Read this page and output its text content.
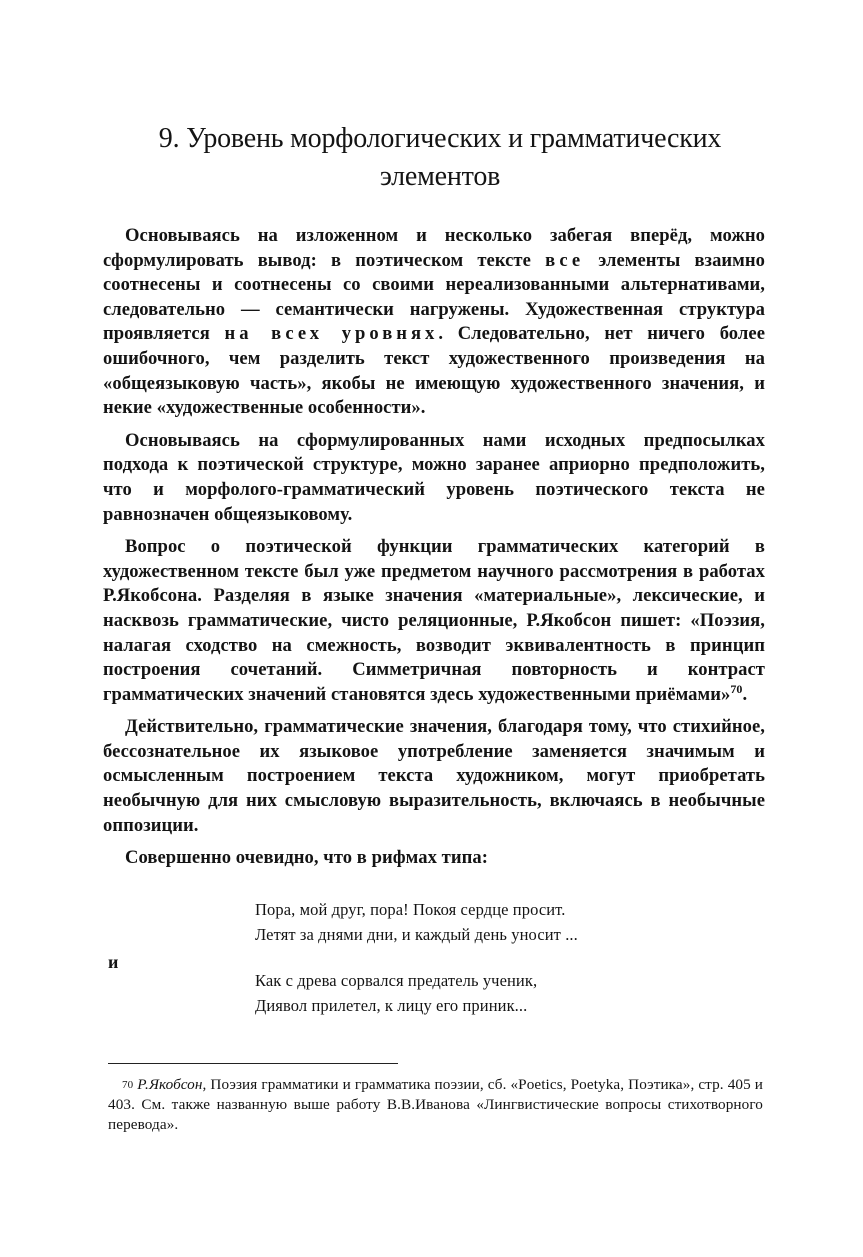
9. Уровень морфологических и грамматических
элементов

Основываясь на изложенном и несколько забегая вперёд, можно сформулировать вывод: в поэтическом тексте все элементы взаимно соотнесены и соотнесены со своими нереализованными альтернативами, следовательно — семантически нагружены. Художественная структура проявляется на всех уровнях. Следовательно, нет ничего более ошибочного, чем разделить текст художественного произведения на «общеязыковую часть», якобы не имеющую художественного значения, и некие «художественные особенности».

Основываясь на сформулированных нами исходных предпосылках подхода к поэтической структуре, можно заранее априорно предположить, что и морфолого-грамматический уровень поэтического текста не равнозначен общеязыковому.

Вопрос о поэтической функции грамматических категорий в художественном тексте был уже предметом научного рассмотрения в работах Р.Якобсона. Разделяя в языке значения «материальные», лексические, и насквозь грамматические, чисто реляционные, Р.Якобсон пишет: «Поэзия, налагая сходство на смежность, возводит эквивалентность в принцип построения сочетаний. Симметричная повторность и контраст грамматических значений становятся здесь художественными приёмами»$^{70}$.

Действительно, грамматические значения, благодаря тому, что стихийное, бессознательное их языковое употребление заменяется значимым и осмысленным построением текста художником, могут приобретать необычную для них смысловую выразительность, включаясь в необычные оппозиции.

Совершенно очевидно, что в рифмах типа:

Пора, мой друг, пора! Покоя сердце просит.
Летят за днями дни, и каждый день уносит ...
и
Как с древа сорвался предатель ученик,
Диявол прилетел, к лицу его приник...
$^{70}$ Р.Якобсон, Поэзия грамматики и грамматика поэзии, сб. «Poetics, Poetyka, Поэтика», стр. 405 и 403. См. также названную выше работу В.В.Иванова «Лингвистические вопросы стихотворного перевода».
